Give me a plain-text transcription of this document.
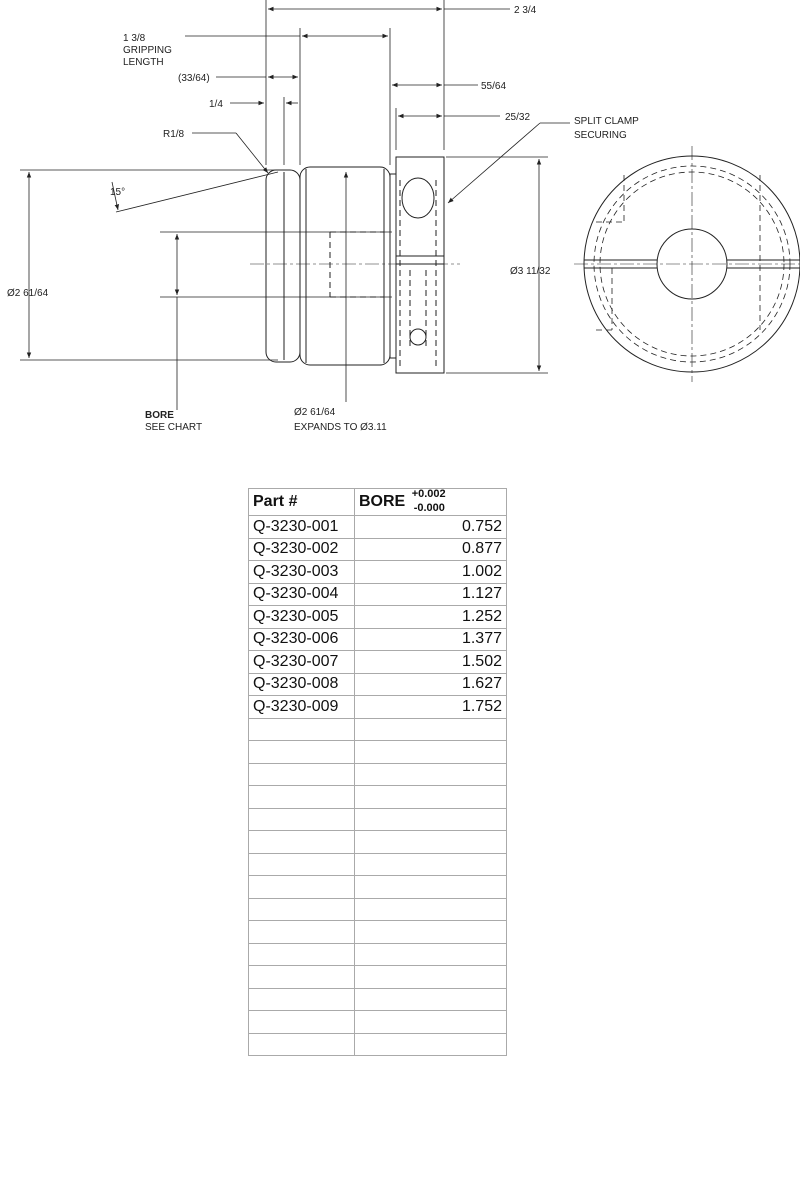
2 3/4
1 3/8
GRIPPING
LENGTH
(33/64)
55/64
1/4
25/32
R1/8
SPLIT CLAMP
SECURING
15°
Ø2 61/64
Ø3 11/32
BORE
SEE CHART
Ø2 61/64
EXPANDS TO Ø3.11
Part #	BORE +0.002
-0.000

Q-3230-001	0.752
Q-3230-002	0.877
Q-3230-003	1.002
Q-3230-004	1.127
Q-3230-005	1.252
Q-3230-006	1.377
Q-3230-007	1.502
Q-3230-008	1.627
Q-3230-009	1.752
